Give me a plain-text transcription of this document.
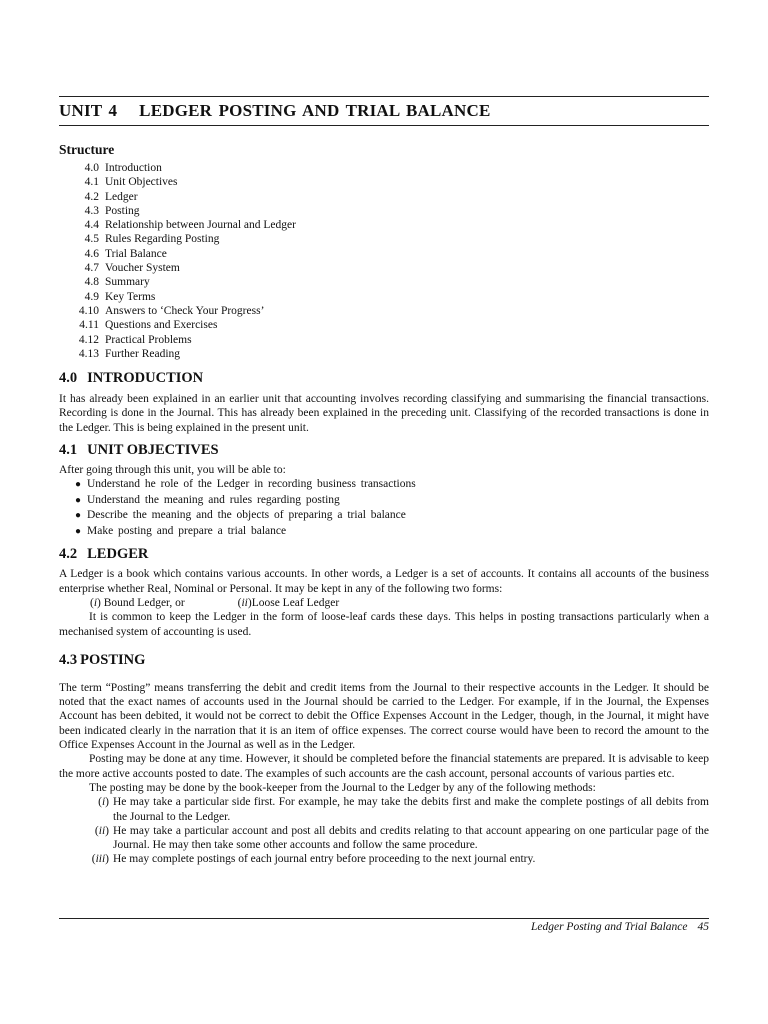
UNIT 4 LEDGER POSTING AND TRIAL BALANCE
Structure
4.0 Introduction
4.1 Unit Objectives
4.2 Ledger
4.3 Posting
4.4 Relationship between Journal and Ledger
4.5 Rules Regarding Posting
4.6 Trial Balance
4.7 Voucher System
4.8 Summary
4.9 Key Terms
4.10 Answers to ‘Check Your Progress’
4.11 Questions and Exercises
4.12 Practical Problems
4.13 Further Reading
4.0 INTRODUCTION

It has already been explained in an earlier unit that accounting involves recording classifying and summarising the financial transactions. Recording is done in the Journal. This has already been explained in the preceding unit. Classifying of the recorded transactions is done in the Ledger. This is being explained in the present unit.

4.1 UNIT OBJECTIVES

After going through this unit, you will be able to:

● Understand he role of the Ledger in recording business transactions
● Understand the meaning and rules regarding posting
● Describe the meaning and the objects of preparing a trial balance
● Make posting and prepare a trial balance
4.2 LEDGER

A Ledger is a book which contains various accounts. In other words, a Ledger is a set of accounts. It contains all accounts of the business enterprise whether Real, Nominal or Personal. It may be kept in any of the following two forms:

(i) Bound Ledger, or	(ii)Loose Leaf Ledger

It is common to keep the Ledger in the form of loose-leaf cards these days. This helps in posting transactions particularly when a mechanised system of accounting is used.

4.3 POSTING

The term “Posting” means transferring the debit and credit items from the Journal to their respective accounts in the Ledger. It should be noted that the exact names of accounts used in the Journal should be carried to the Ledger. For example, if in the Journal, the Expenses Account has been debited, it would not be correct to debit the Office Expenses Account in the Ledger, though, in the Journal, it might have been indicated clearly in the narration that it is an item of office expenses. The correct course would have been to record the amount to the Office Expenses Account in the Journal as well as in the Ledger.

Posting may be done at any time. However, it should be completed before the financial statements are prepared. It is advisable to keep the more active accounts posted to date. The examples of such accounts are the cash account, personal accounts of various parties etc.

The posting may be done by the book-keeper from the Journal to the Ledger by any of the following methods:

(i) He may take a particular side first. For example, he may take the debits first and make the complete postings of all debits from the Journal to the Ledger.
(ii) He may take a particular account and post all debits and credits relating to that account appearing on one particular page of the Journal. He may then take some other accounts and follow the same procedure.
(iii) He may complete postings of each journal entry before proceeding to the next journal entry.
Ledger Posting and Trial Balance 45
